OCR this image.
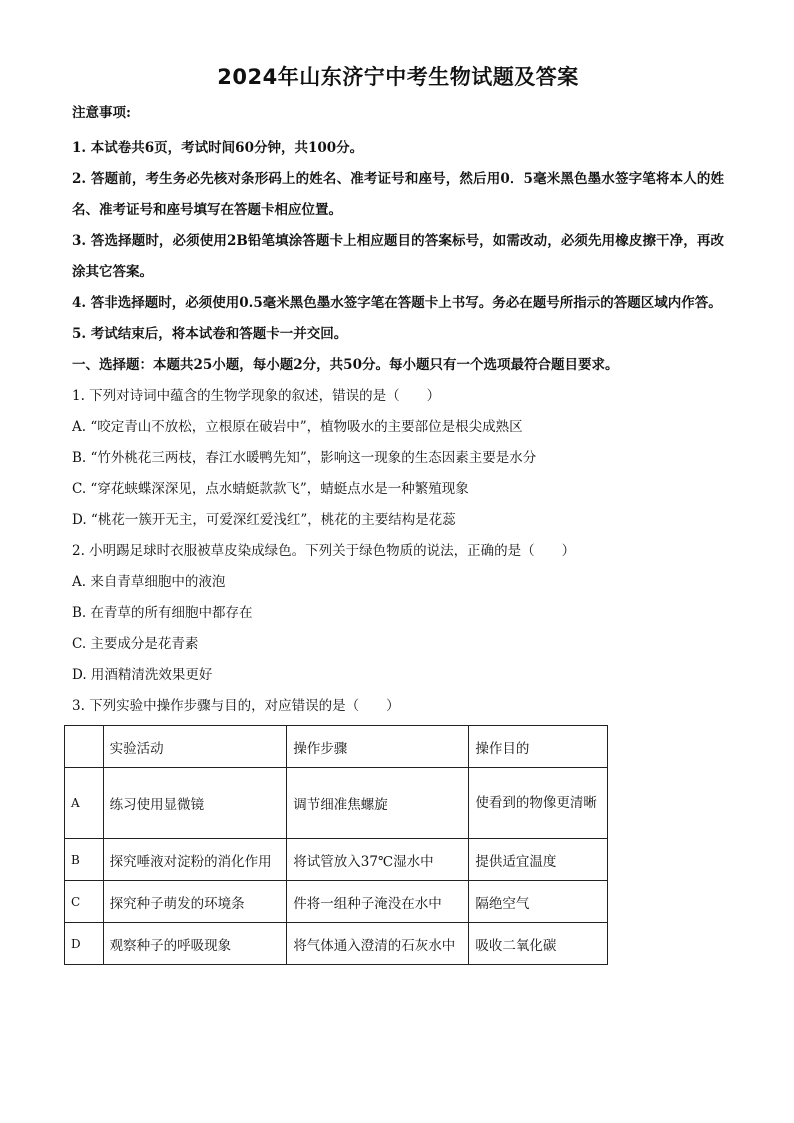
2024年山东济宁中考生物试题及答案
注意事项:
1. 本试卷共6页，考试时间60分钟，共100分。
2. 答题前，考生务必先核对条形码上的姓名、准考证号和座号，然后用0．5毫米黑色墨水签字笔将本人的姓名、准考证号和座号填写在答题卡相应位置。
3. 答选择题时，必须使用2B铅笔填涂答题卡上相应题目的答案标号，如需改动，必须先用橡皮擦干净，再改涂其它答案。
4. 答非选择题时，必须使用0.5毫米黑色墨水签字笔在答题卡上书写。务必在题号所指示的答题区域内作答。
5. 考试结束后，将本试卷和答题卡一并交回。
一、选择题：本题共25小题，每小题2分，共50分。每小题只有一个选项最符合题目要求。
1. 下列对诗词中蕴含的生物学现象的叙述，错误的是（　　）
A. “咬定青山不放松，立根原在破岩中”，植物吸水的主要部位是根尖成熟区
B. “竹外桃花三两枝，春江水暖鸭先知”，影响这一现象的生态因素主要是水分
C. “穿花蛱蝶深深见，点水蜻蜓款款飞”，蜻蜓点水是一种繁殖现象
D. “桃花一簇开无主，可爱深红爱浅红”，桃花的主要结构是花蕊
2. 小明踢足球时衣服被草皮染成绿色。下列关于绿色物质的说法，正确的是（　　）
A. 来自青草细胞中的液泡
B. 在青草的所有细胞中都存在
C. 主要成分是花青素
D. 用酒精清洗效果更好
3. 下列实验中操作步骤与目的，对应错误的是（　　）
	实验活动	操作步骤	操作目的
A	练习使用显微镜	调节细准焦螺旋	使看到的物像更清晰

B	探究唾液对淀粉的消化作用	将试管放入37℃湿水中	提供适宜温度
C	探究种子萌发的环境条	件将一组种子淹没在水中	隔绝空气
D	观察种子的呼吸现象	将气体通入澄清的石灰水中	吸收二氧化碳
